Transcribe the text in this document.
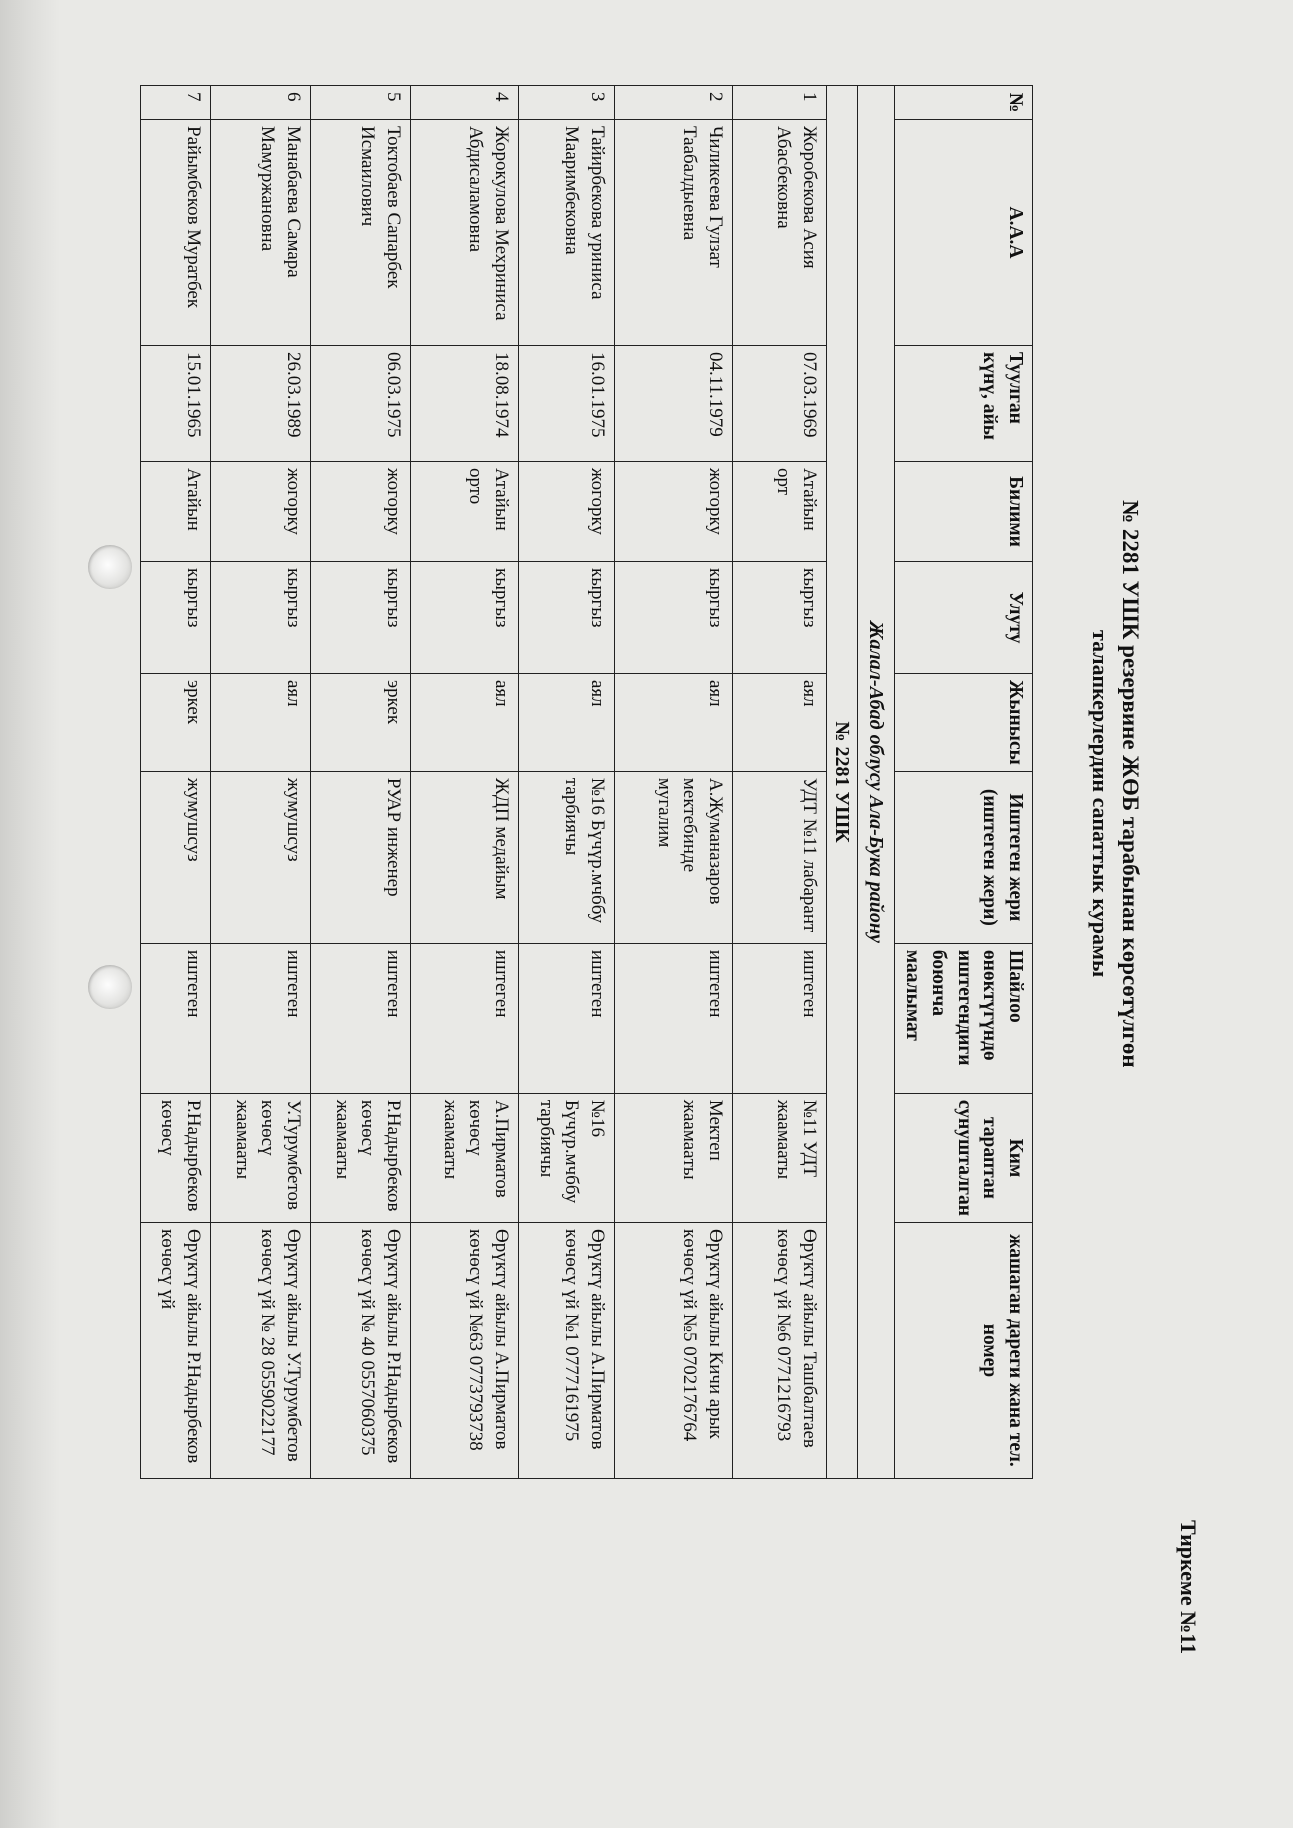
Тиркеме №11
№ 2281 УШК резервине ЖӨБ тарабынан көрсөтүлгөн
талапкерлердин сапаттык курамы
№	А.А.А	Туулган күнү, айы	Билими	Улуту	Жынысы	Иштеген жери (иштеген жери)	Шайлоо өнөктүгүндө иштегендиги боюнча маалымат	Ким тараптан сунушталган	жашаган дареги жана тел. номер
Жалал-Абад облусу Ала-Бука району									
№ 2281 УШК									
1	Жоробекова Асия Абасбековна	07.03.1969	Атайын орт	кыргыз	аял	УДТ №11 лабарант	иштеген	№11 УДТ жаамааты	Өрүктү айылы Ташбалтаев көчөсү үй №6 0771216793
2	Чиликеева Гулзат Таабалдыевна	04.11.1979	жогорку	кыргыз	аял	А.Жуманазаров мектебинде мугалим	иштеген	Мектеп жаамаaты	Өрүктү айылы Кичи арык көчөсү үй №5 0702176764
3	Тайирбекова уриниса Мааримбековна	16.01.1975	жогорку	кыргыз	аял	№16 Бүчүр.мчббу тарбиячы	иштеген	№16 Бүчүр.мчббу тарбиячы	Өрүктү айылы А.Пирматов көчөсү үй №1 0777161975
4	Жорокулова Мехриниса Абдисаламовна	18.08.1974	Атайын орто	кыргыз	аял	ЖДП медайым	иштеген	А.Пирматов көчөсү жаамааты	Өрүктү айылы А.Пирматов көчөсү үй №63 0773793738
5	Токтобаев Сапарбек Исмаилович	06.03.1975	жогорку	кыргыз	эркек	РУАР инженер	иштеген	Р.Надырбеков көчөсү жаамааты	Өрүктү айылы Р.Надырбеков көчөсү үй № 40 0557060375
6	Манабаева Самара Мамуржановна	26.03.1989	жогорку	кыргыз	аял	жумушсуз	иштеген	У.Турумбетов көчөсү жаамааты	Өрүктү айылы У.Турумбетов көчөсү үй № 28 0559022177
7	Райымбеков Муратбек	15.01.1965	Атайын	кыргыз	эркек	жумушсуз	иштеген	Р.Надырбеков көчөсү	Өрүктү айылы Р.Надырбеков көчөсү үй
